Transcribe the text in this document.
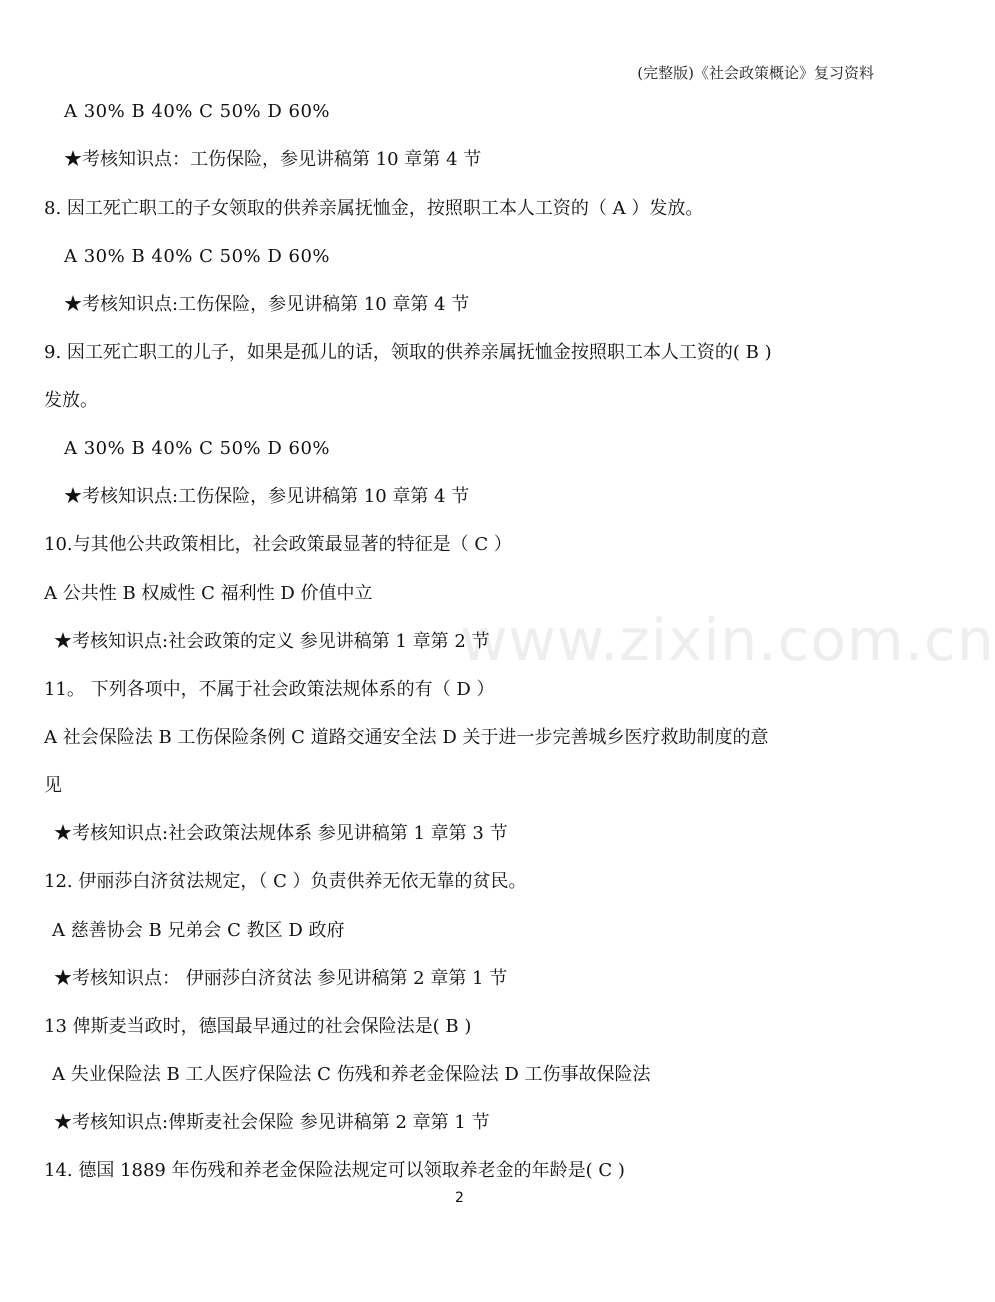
(完整版)《社会政策概论》复习资料
www.zixin.com.cn
A 30% B 40% C 50% D 60%
★考核知识点：工伤保险，参见讲稿第 10 章第 4 节
8. 因工死亡职工的子女领取的供养亲属抚恤金，按照职工本人工资的（ A ）发放。
A 30% B 40% C 50% D 60%
★考核知识点:工伤保险，参见讲稿第 10 章第 4 节
9. 因工死亡职工的儿子，如果是孤儿的话，领取的供养亲属抚恤金按照职工本人工资的( B )
发放。
A 30% B 40% C 50% D 60%
★考核知识点:工伤保险，参见讲稿第 10 章第 4 节
10.与其他公共政策相比，社会政策最显著的特征是（ C ）
A 公共性 B 权威性 C 福利性 D 价值中立
★考核知识点:社会政策的定义 参见讲稿第 1 章第 2 节
11。 下列各项中，不属于社会政策法规体系的有（ D ）
A 社会保险法 B 工伤保险条例 C 道路交通安全法 D 关于进一步完善城乡医疗救助制度的意
见
★考核知识点:社会政策法规体系 参见讲稿第 1 章第 3 节
12. 伊丽莎白济贫法规定，（ C ）负责供养无依无靠的贫民。
A 慈善协会 B 兄弟会 C 教区 D 政府
★考核知识点： 伊丽莎白济贫法 参见讲稿第 2 章第 1 节
13 俾斯麦当政时，德国最早通过的社会保险法是( B )
A 失业保险法 B 工人医疗保险法 C 伤残和养老金保险法 D 工伤事故保险法
★考核知识点:俾斯麦社会保险 参见讲稿第 2 章第 1 节
14. 德国 1889 年伤残和养老金保险法规定可以领取养老金的年龄是( C )
2
